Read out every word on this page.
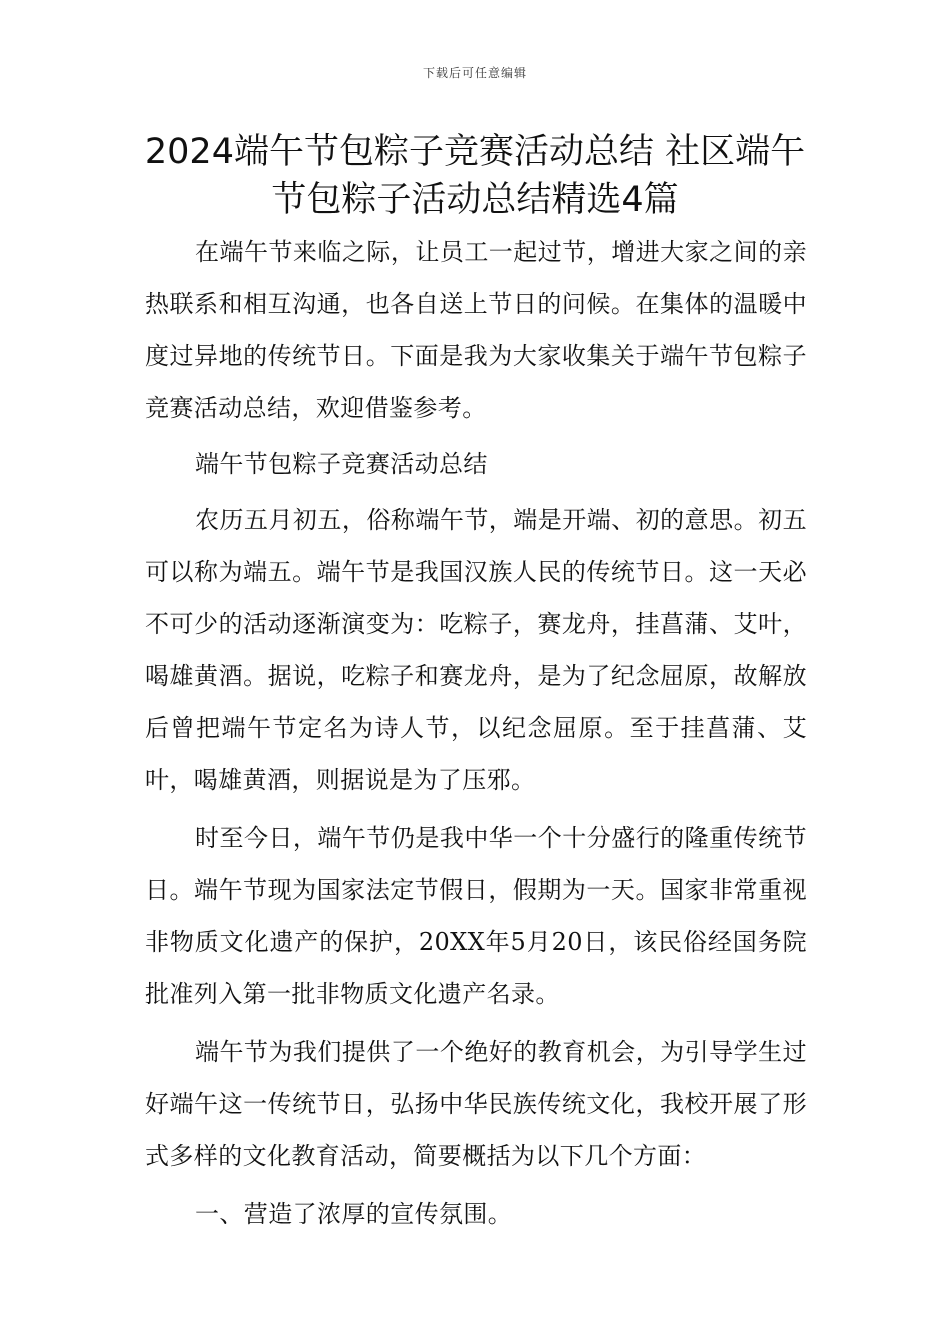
下载后可任意编辑
2024端午节包粽子竞赛活动总结 社区端午
节包粽子活动总结精选4篇

在端午节来临之际，让员工一起过节，增进大家之间的亲热联系和相互沟通，也各自送上节日的问候。在集体的温暖中度过异地的传统节日。下面是我为大家收集关于端午节包粽子竞赛活动总结，欢迎借鉴参考。

端午节包粽子竞赛活动总结

农历五月初五，俗称端午节，端是开端、初的意思。初五可以称为端五。端午节是我国汉族人民的传统节日。这一天必不可少的活动逐渐演变为：吃粽子，赛龙舟，挂菖蒲、艾叶，喝雄黄酒。据说，吃粽子和赛龙舟，是为了纪念屈原，故解放后曾把端午节定名为诗人节，以纪念屈原。至于挂菖蒲、艾叶，喝雄黄酒，则据说是为了压邪。

时至今日，端午节仍是我中华一个十分盛行的隆重传统节日。端午节现为国家法定节假日，假期为一天。国家非常重视非物质文化遗产的保护，20XX年5月20日，该民俗经国务院批准列入第一批非物质文化遗产名录。

端午节为我们提供了一个绝好的教育机会，为引导学生过好端午这一传统节日，弘扬中华民族传统文化，我校开展了形式多样的文化教育活动，简要概括为以下几个方面：

一、营造了浓厚的宣传氛围。
